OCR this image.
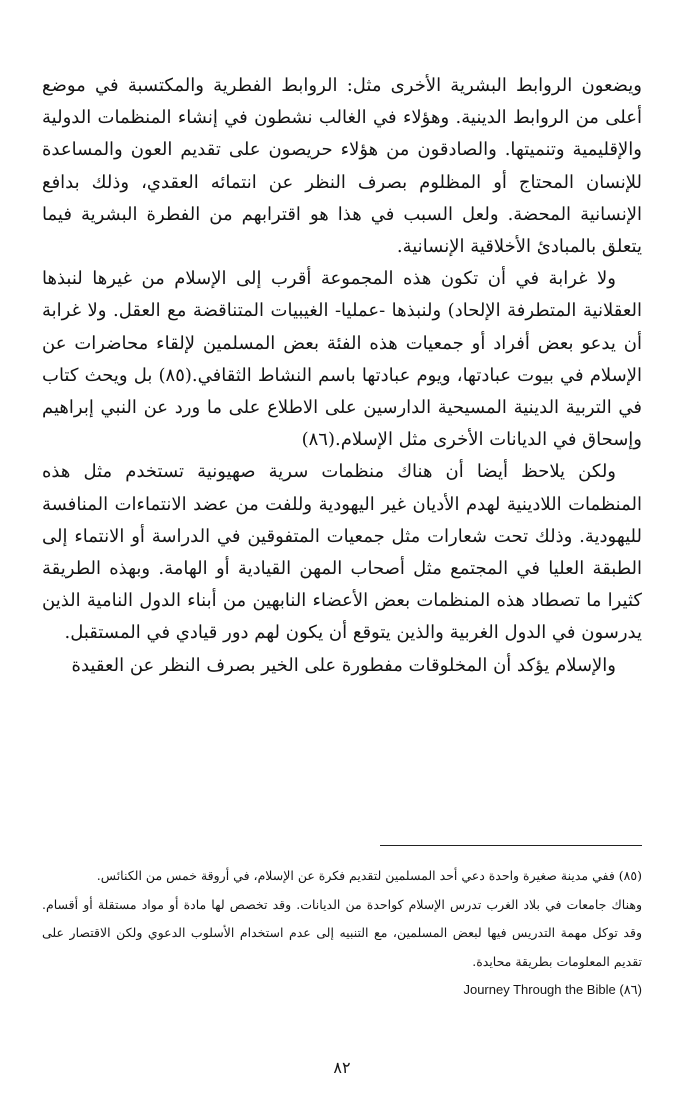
ويضعون الروابط البشرية الأخرى مثل: الروابط الفطرية والمكتسبة في موضع أعلى من الروابط الدينية. وهؤلاء في الغالب نشطون في إنشاء المنظمات الدولية والإقليمية وتنميتها. والصادقون من هؤلاء حريصون على تقديم العون والمساعدة للإنسان المحتاج أو المظلوم بصرف النظر عن انتمائه العقدي، وذلك بدافع الإنسانية المحضة. ولعل السبب في هذا هو اقترابهم من الفطرة البشرية فيما يتعلق بالمبادئ الأخلاقية الإنسانية.

ولا غرابة في أن تكون هذه المجموعة أقرب إلى الإسلام من غيرها لنبذها العقلانية المتطرفة الإلحاد) ولنبذها -عمليا- الغيبيات المتناقضة مع العقل. ولا غرابة أن يدعو بعض أفراد أو جمعيات هذه الفئة بعض المسلمين لإلقاء محاضرات عن الإسلام في بيوت عبادتها، ويوم عبادتها باسم النشاط الثقافي.(٨٥) بل ويحث كتاب في التربية الدينية المسيحية الدارسين على الاطلاع على ما ورد عن النبي إبراهيم وإسحاق في الديانات الأخرى مثل الإسلام.(٨٦)

ولكن يلاحظ أيضا أن هناك منظمات سرية صهيونية تستخدم مثل هذه المنظمات اللادينية لهدم الأديان غير اليهودية وللفت من عضد الانتماءات المنافسة لليهودية. وذلك تحت شعارات مثل جمعيات المتفوقين في الدراسة أو الانتماء إلى الطبقة العليا في المجتمع مثل أصحاب المهن القيادية أو الهامة. وبهذه الطريقة كثيرا ما تصطاد هذه المنظمات بعض الأعضاء النابهين من أبناء الدول النامية الذين يدرسون في الدول الغربية والذين يتوقع أن يكون لهم دور قيادي في المستقبل.

والإسلام يؤكد أن المخلوقات مفطورة على الخير بصرف النظر عن العقيدة

(٨٥) ففي مدينة صغيرة واحدة دعي أحد المسلمين لتقديم فكرة عن الإسلام، في أروقة خمس من الكنائس.

وهناك جامعات في بلاد الغرب تدرس الإسلام كواحدة من الديانات. وقد تخصص لها مادة أو مواد مستقلة أو أقسام. وقد توكل مهمة التدريس فيها لبعض المسلمين، مع التنبيه إلى عدم استخدام الأسلوب الدعوي ولكن الاقتصار على تقديم المعلومات بطريقة محايدة.

(٨٦) Journey Through the Bible

٨٢
